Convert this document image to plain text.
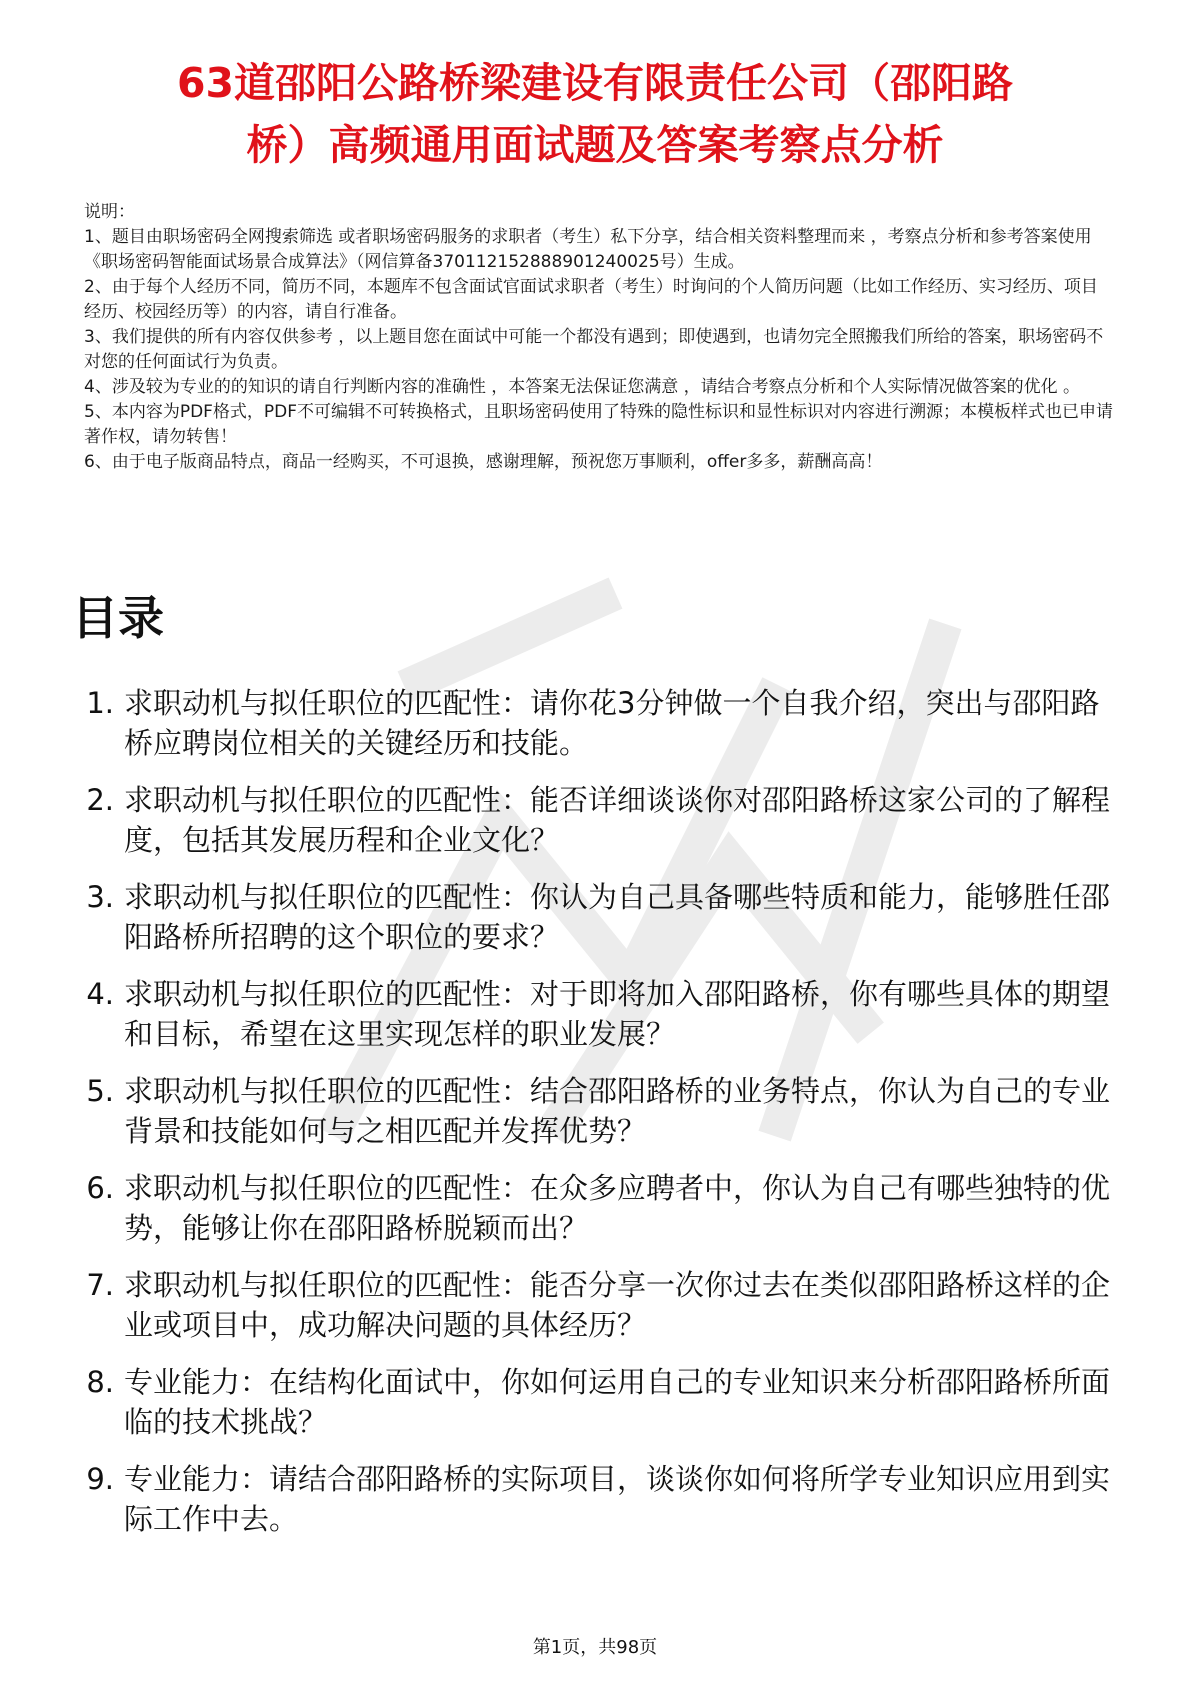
63道邵阳公路桥梁建设有限责任公司（邵阳路
桥）高频通用面试题及答案考察点分析

说明：

1、题目由职场密码全网搜索筛选 或者职场密码服务的求职者（考生）私下分享，结合相关资料整理而来 ，考察点分析和参考答案使用《职场密码智能面试场景合成算法》（网信算备370112152888901240025号）生成。

2、由于每个人经历不同，简历不同，本题库不包含面试官面试求职者（考生）时询问的个人简历问题（比如工作经历、实习经历、项目经历、校园经历等）的内容，请自行准备。

3、我们提供的所有内容仅供参考 ，以上题目您在面试中可能一个都没有遇到；即使遇到，也请勿完全照搬我们所给的答案，职场密码不对您的任何面试行为负责。

4、涉及较为专业的的知识的请自行判断内容的准确性 ，本答案无法保证您满意 ，请结合考察点分析和个人实际情况做答案的优化 。

5、本内容为PDF格式，PDF不可编辑不可转换格式，且职场密码使用了特殊的隐性标识和显性标识对内容进行溯源；本模板样式也已申请著作权，请勿转售！

6、由于电子版商品特点，商品一经购买，不可退换，感谢理解，预祝您万事顺利，offer多多，薪酬高高！

目录
1. 求职动机与拟任职位的匹配性：请你花3分钟做一个自我介绍，突出与邵阳路桥应聘岗位相关的关键经历和技能。
2. 求职动机与拟任职位的匹配性：能否详细谈谈你对邵阳路桥这家公司的了解程度，包括其发展历程和企业文化？
3. 求职动机与拟任职位的匹配性：你认为自己具备哪些特质和能力，能够胜任邵阳路桥所招聘的这个职位的要求？
4. 求职动机与拟任职位的匹配性：对于即将加入邵阳路桥，你有哪些具体的期望和目标，希望在这里实现怎样的职业发展？
5. 求职动机与拟任职位的匹配性：结合邵阳路桥的业务特点，你认为自己的专业背景和技能如何与之相匹配并发挥优势？
6. 求职动机与拟任职位的匹配性：在众多应聘者中，你认为自己有哪些独特的优势，能够让你在邵阳路桥脱颖而出？
7. 求职动机与拟任职位的匹配性：能否分享一次你过去在类似邵阳路桥这样的企业或项目中，成功解决问题的具体经历？
8. 专业能力：在结构化面试中，你如何运用自己的专业知识来分析邵阳路桥所面临的技术挑战？
9. 专业能力：请结合邵阳路桥的实际项目，谈谈你如何将所学专业知识应用到实际工作中去。
第1页，共98页
